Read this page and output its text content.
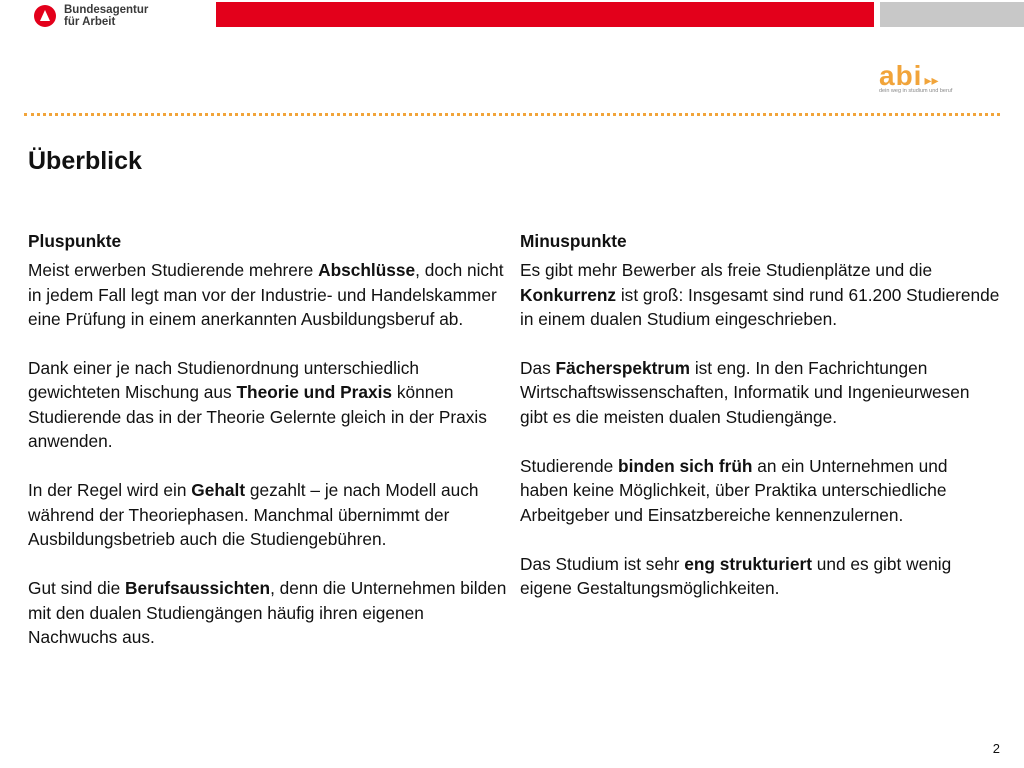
Bundesagentur
für Arbeit
abi ▸▸
dein weg in studium und beruf
Überblick

Pluspunkte

Meist erwerben Studierende mehrere Abschlüsse, doch nicht in jedem Fall legt man vor der Industrie- und Handelskammer eine Prüfung in einem anerkannten Ausbildungsberuf ab.

Dank einer je nach Studienordnung unterschiedlich gewichteten Mischung aus Theorie und Praxis können Studierende das in der Theorie Gelernte gleich in der Praxis anwenden.

In der Regel wird ein Gehalt gezahlt – je nach Modell auch während der Theoriephasen. Manchmal übernimmt der Ausbildungsbetrieb auch die Studiengebühren.

Gut sind die Berufsaussichten, denn die Unternehmen bilden mit den dualen Studiengängen häufig ihren eigenen Nachwuchs aus.

Minuspunkte

Es gibt mehr Bewerber als freie Studienplätze und die Konkurrenz ist groß: Insgesamt sind rund 61.200 Studierende in einem dualen Studium eingeschrieben.

Das Fächerspektrum ist eng. In den Fachrichtungen Wirtschaftswissenschaften, Informatik und Ingenieurwesen gibt es die meisten dualen Studiengänge.

Studierende binden sich früh an ein Unternehmen und haben keine Möglichkeit, über Praktika unterschiedliche Arbeitgeber und Einsatzbereiche kennenzulernen.

Das Studium ist sehr eng strukturiert und es gibt wenig eigene Gestaltungsmöglichkeiten.

2
